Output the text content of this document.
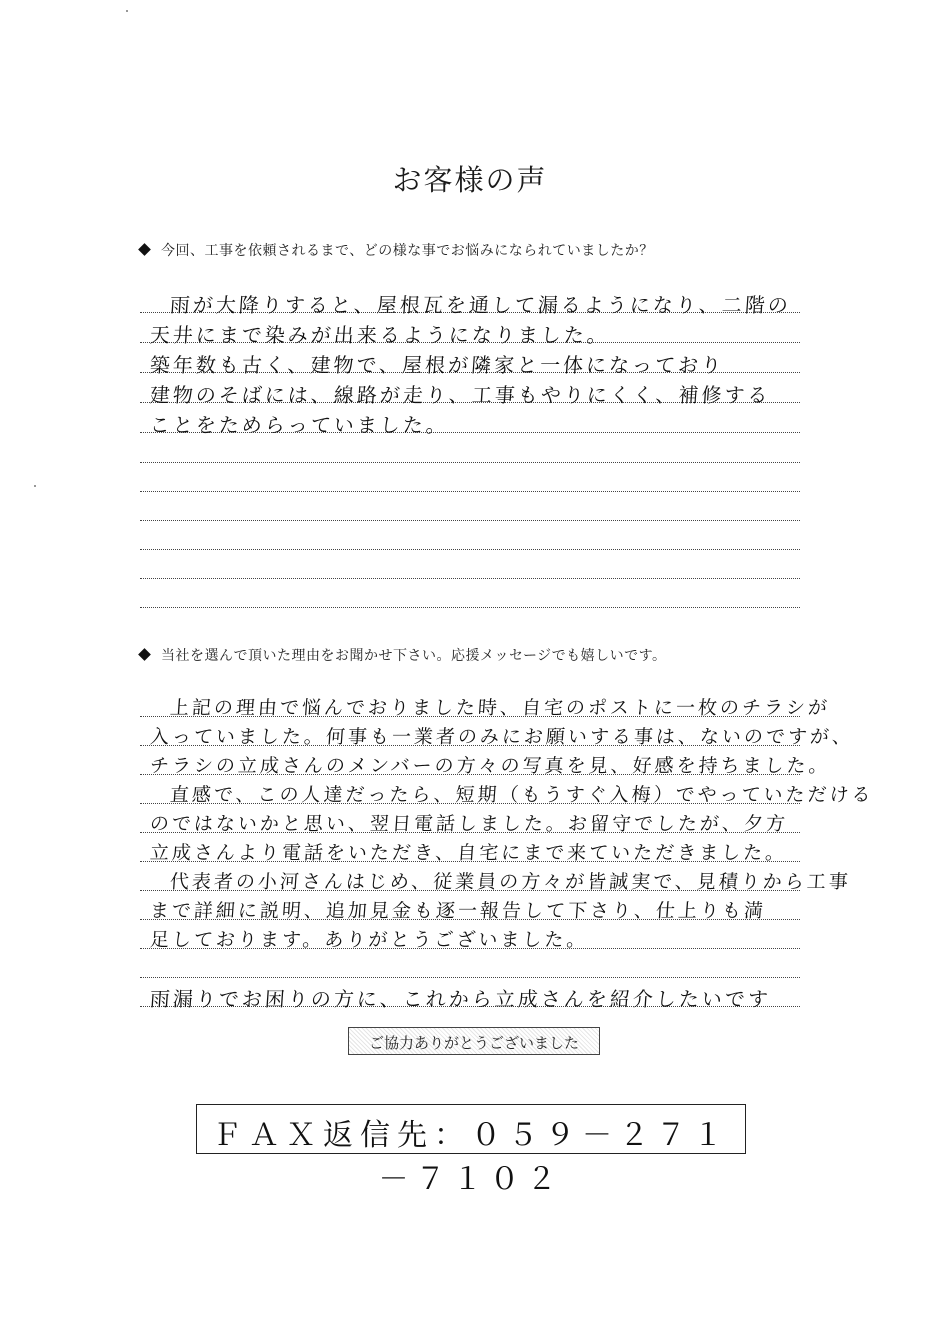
お客様の声
今回、工事を依頼されるまで、どの様な事でお悩みになられていましたか？
雨が大降りすると、屋根瓦を通して漏るようになり、二階の
天井にまで染みが出来るようになりました。
築年数も古く、建物で、屋根が隣家と一体になっており
建物のそばには、線路が走り、工事もやりにくく、補修する
ことをためらっていました。
当社を選んで頂いた理由をお聞かせ下さい。応援メッセージでも嬉しいです。
上記の理由で悩んでおりました時、自宅のポストに一枚のチラシが
入っていました。何事も一業者のみにお願いする事は、ないのですが、
チラシの立成さんのメンバーの方々の写真を見、好感を持ちました。
直感で、この人達だったら、短期（もうすぐ入梅）でやっていただける
のではないかと思い、翌日電話しました。お留守でしたが、夕方
立成さんより電話をいただき、自宅にまで来ていただきました。
代表者の小河さんはじめ、従業員の方々が皆誠実で、見積りから工事
まで詳細に説明、追加見金も逐一報告して下さり、仕上りも満
足しております。ありがとうございました。
雨漏りでお困りの方に、これから立成さんを紹介したいです
ご協力ありがとうございました
ＦＡＸ返信先：０５９－２７１－７１０２
